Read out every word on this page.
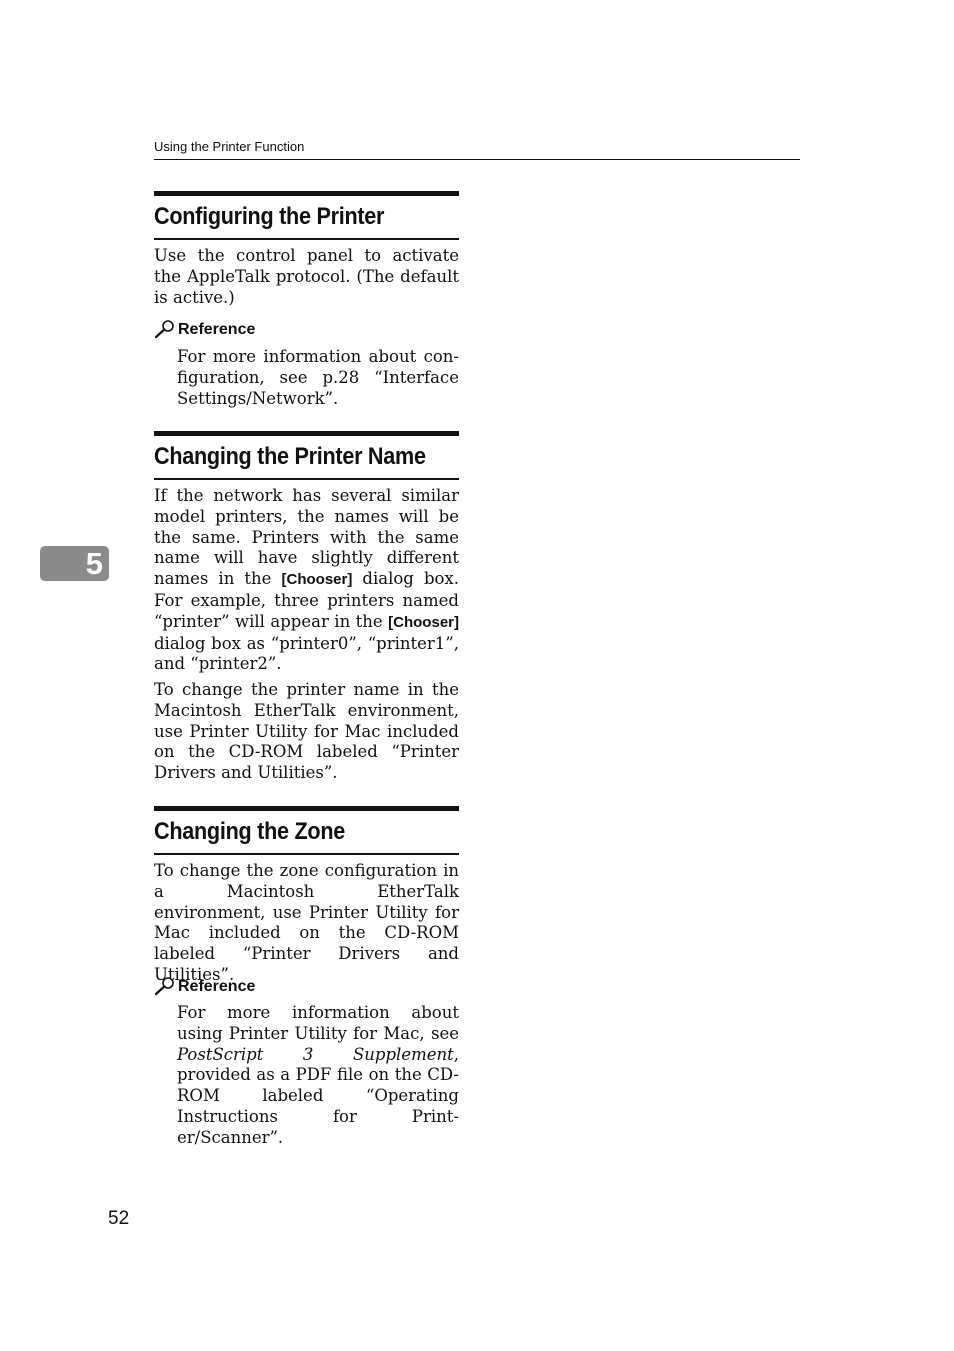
Using the Printer Function
5
Configuring the Printer

Use the control panel to activate the AppleTalk protocol. (The default is active.)

Reference

For more information about configuration, see p.28 “Interface Settings/Network”.

Changing the Printer Name

If the network has several similar model printers, the names will be the same. Printers with the same name will have slightly different names in the [Chooser] dialog box. For example, three printers named “printer” will appear in the [Chooser] dialog box as “printer0”, “printer1”, and “printer2”.

To change the printer name in the Macintosh EtherTalk environment, use Printer Utility for Mac included on the CD-ROM labeled “Printer Drivers and Utilities”.

Changing the Zone

To change the zone configuration in a Macintosh EtherTalk environment, use Printer Utility for Mac included on the CD-ROM labeled “Printer Drivers and Utilities”.

Reference

For more information about using Printer Utility for Mac, see PostScript 3 Supplement, provided as a PDF file on the CD-ROM labeled “Operating Instructions for Printer/Scanner”.

52
